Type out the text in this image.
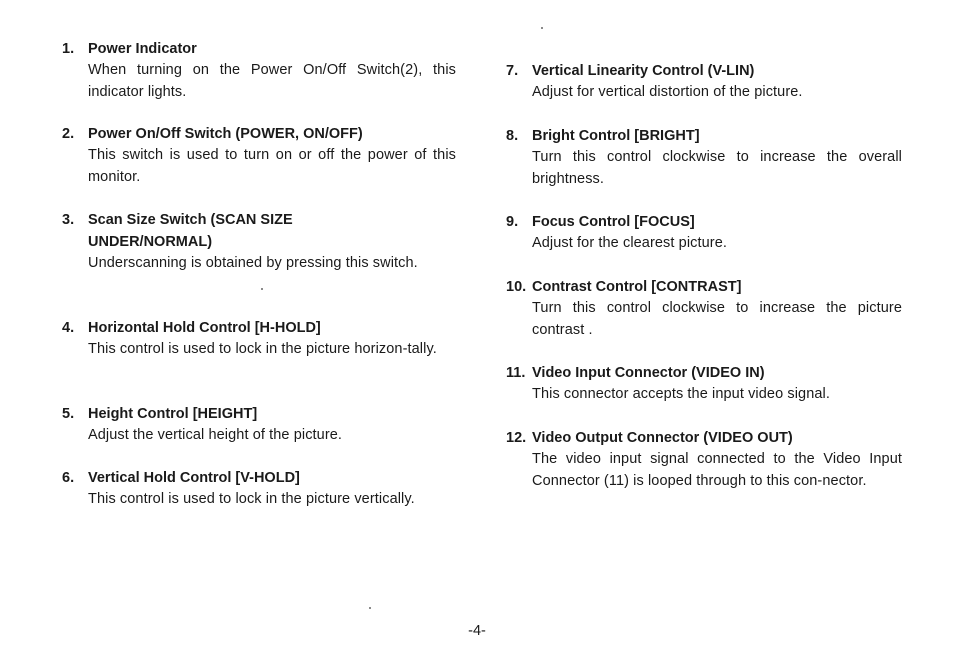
1. Power Indicator
When turning on the Power On/Off Switch(2), this indicator lights.
2. Power On/Off Switch (POWER, ON/OFF)
This switch is used to turn on or off the power of this monitor.
3. Scan Size Switch (SCAN SIZE
UNDER/NORMAL)
Underscanning is obtained by pressing this switch.
4. Horizontal Hold Control [H-HOLD]
This control is used to lock in the picture horizon-tally.
5. Height Control [HEIGHT]
Adjust the vertical height of the picture.
6. Vertical Hold Control [V-HOLD]
This control is used to lock in the picture vertically.
7. Vertical Linearity Control (V-LIN)
Adjust for vertical distortion of the picture.
8. Bright Control [BRIGHT]
Turn this control clockwise to increase the overall brightness.
9. Focus Control [FOCUS]
Adjust for the clearest picture.
10. Contrast Control [CONTRAST]
Turn this control clockwise to increase the picture contrast .
11. Video Input Connector (VIDEO IN)
This connector accepts the input video signal.
12. Video Output Connector (VIDEO OUT)
The video input signal connected to the Video Input Connector (11) is looped through to this con-nector.
-4-
